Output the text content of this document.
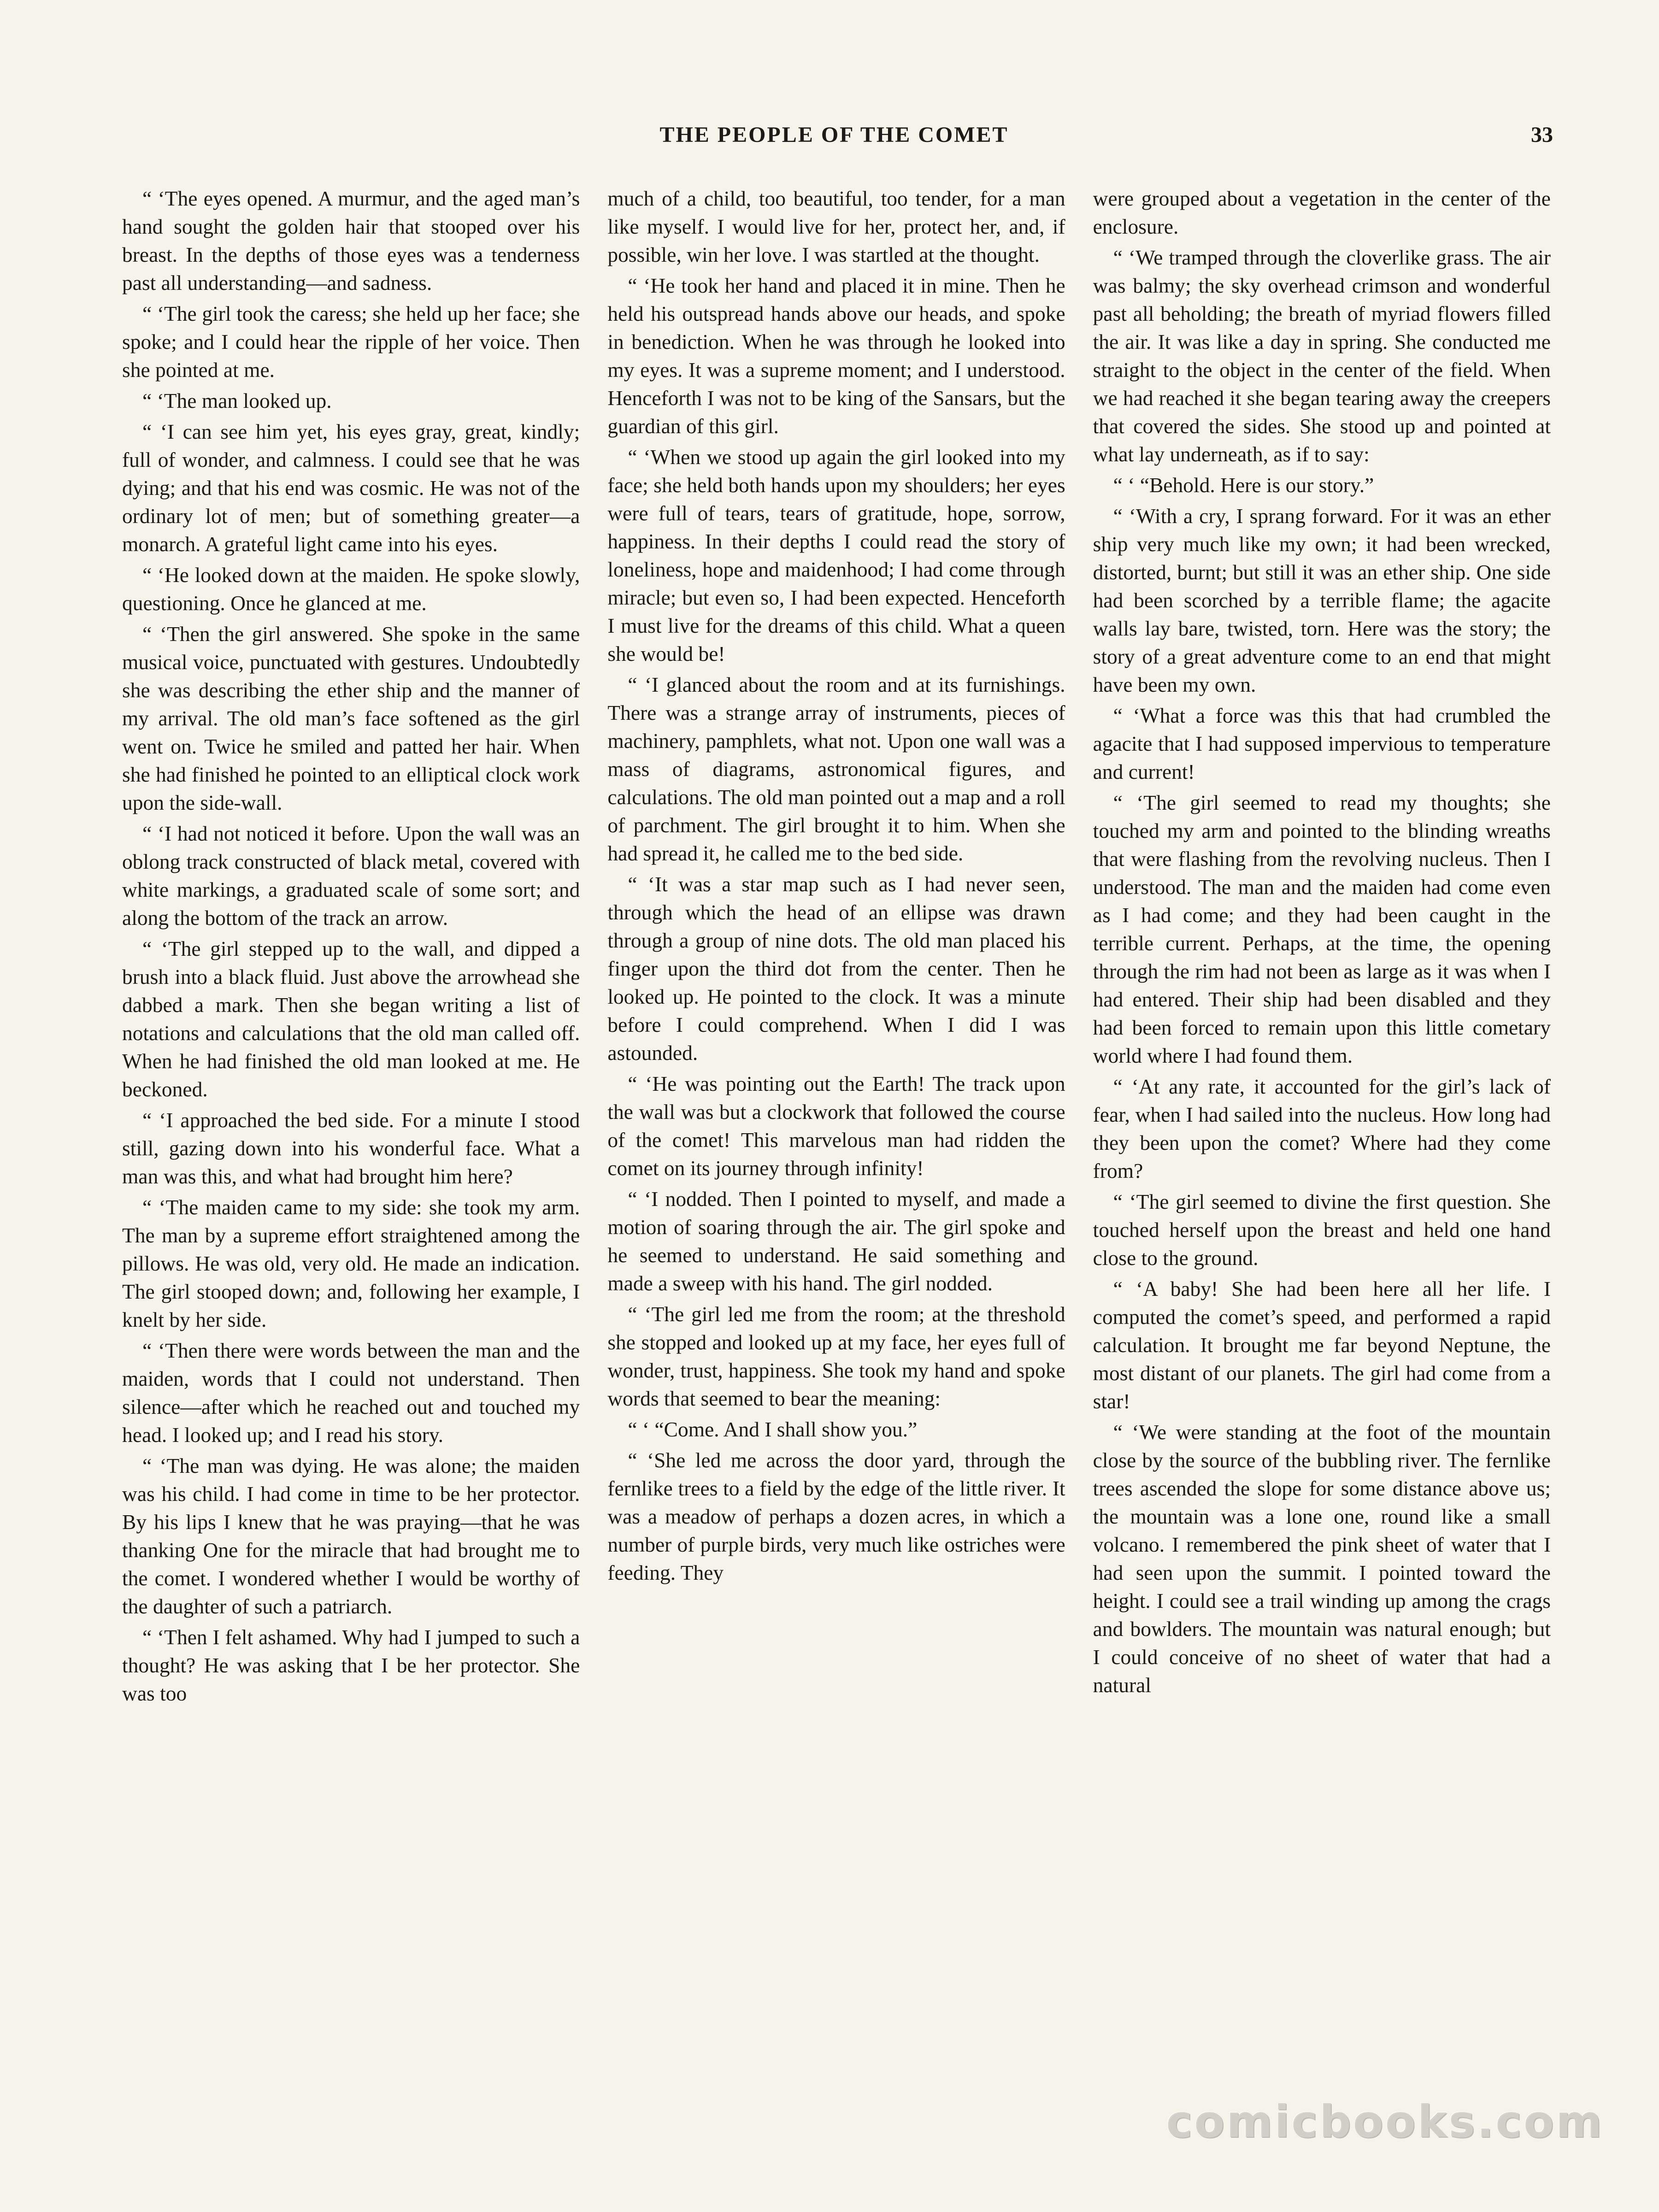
THE PEOPLE OF THE COMET	33

“ ‘The eyes opened. A murmur, and the aged man’s hand sought the golden hair that stooped over his breast. In the depths of those eyes was a tenderness past all understanding—and sadness.

“ ‘The girl took the caress; she held up her face; she spoke; and I could hear the ripple of her voice. Then she pointed at me.

“ ‘The man looked up.

“ ‘I can see him yet, his eyes gray, great, kindly; full of wonder, and calmness. I could see that he was dying; and that his end was cosmic. He was not of the ordinary lot of men; but of something greater—a monarch. A grateful light came into his eyes.

“ ‘He looked down at the maiden. He spoke slowly, questioning. Once he glanced at me.

“ ‘Then the girl answered. She spoke in the same musical voice, punctuated with gestures. Undoubtedly she was describing the ether ship and the manner of my arrival. The old man’s face softened as the girl went on. Twice he smiled and patted her hair. When she had finished he pointed to an elliptical clock work upon the side-wall.

“ ‘I had not noticed it before. Upon the wall was an oblong track constructed of black metal, covered with white markings, a graduated scale of some sort; and along the bottom of the track an arrow.

“ ‘The girl stepped up to the wall, and dipped a brush into a black fluid. Just above the arrowhead she dabbed a mark. Then she began writing a list of notations and calculations that the old man called off. When he had finished the old man looked at me. He beckoned.

“ ‘I approached the bed side. For a minute I stood still, gazing down into his wonderful face. What a man was this, and what had brought him here?

“ ‘The maiden came to my side: she took my arm. The man by a supreme effort straightened among the pillows. He was old, very old. He made an indication. The girl stooped down; and, following her example, I knelt by her side.

“ ‘Then there were words between the man and the maiden, words that I could not understand. Then silence—after which he reached out and touched my head. I looked up; and I read his story.

“ ‘The man was dying. He was alone; the maiden was his child. I had come in time to be her protector. By his lips I knew that he was praying—that he was thanking One for the miracle that had brought me to the comet. I wondered whether I would be worthy of the daughter of such a patriarch.

“ ‘Then I felt ashamed. Why had I jumped to such a thought? He was asking that I be her protector. She was too

much of a child, too beautiful, too tender, for a man like myself. I would live for her, protect her, and, if possible, win her love. I was startled at the thought.

“ ‘He took her hand and placed it in mine. Then he held his outspread hands above our heads, and spoke in benediction. When he was through he looked into my eyes. It was a supreme moment; and I understood. Henceforth I was not to be king of the Sansars, but the guardian of this girl.

“ ‘When we stood up again the girl looked into my face; she held both hands upon my shoulders; her eyes were full of tears, tears of gratitude, hope, sorrow, happiness. In their depths I could read the story of loneliness, hope and maidenhood; I had come through miracle; but even so, I had been expected. Henceforth I must live for the dreams of this child. What a queen she would be!

“ ‘I glanced about the room and at its furnishings. There was a strange array of instruments, pieces of machinery, pamphlets, what not. Upon one wall was a mass of diagrams, astronomical figures, and calculations. The old man pointed out a map and a roll of parchment. The girl brought it to him. When she had spread it, he called me to the bed side.

“ ‘It was a star map such as I had never seen, through which the head of an ellipse was drawn through a group of nine dots. The old man placed his finger upon the third dot from the center. Then he looked up. He pointed to the clock. It was a minute before I could comprehend. When I did I was astounded.

“ ‘He was pointing out the Earth! The track upon the wall was but a clockwork that followed the course of the comet! This marvelous man had ridden the comet on its journey through infinity!

“ ‘I nodded. Then I pointed to myself, and made a motion of soaring through the air. The girl spoke and he seemed to understand. He said something and made a sweep with his hand. The girl nodded.

“ ‘The girl led me from the room; at the threshold she stopped and looked up at my face, her eyes full of wonder, trust, happiness. She took my hand and spoke words that seemed to bear the meaning:

“ ‘ “Come. And I shall show you.”

“ ‘She led me across the door yard, through the fernlike trees to a field by the edge of the little river. It was a meadow of perhaps a dozen acres, in which a number of purple birds, very much like ostriches were feeding. They

were grouped about a vegetation in the center of the enclosure.

“ ‘We tramped through the cloverlike grass. The air was balmy; the sky overhead crimson and wonderful past all beholding; the breath of myriad flowers filled the air. It was like a day in spring. She conducted me straight to the object in the center of the field. When we had reached it she began tearing away the creepers that covered the sides. She stood up and pointed at what lay underneath, as if to say:

“ ‘ “Behold. Here is our story.”

“ ‘With a cry, I sprang forward. For it was an ether ship very much like my own; it had been wrecked, distorted, burnt; but still it was an ether ship. One side had been scorched by a terrible flame; the agacite walls lay bare, twisted, torn. Here was the story; the story of a great adventure come to an end that might have been my own.

“ ‘What a force was this that had crumbled the agacite that I had supposed impervious to temperature and current!

“ ‘The girl seemed to read my thoughts; she touched my arm and pointed to the blinding wreaths that were flashing from the revolving nucleus. Then I understood. The man and the maiden had come even as I had come; and they had been caught in the terrible current. Perhaps, at the time, the opening through the rim had not been as large as it was when I had entered. Their ship had been disabled and they had been forced to remain upon this little cometary world where I had found them.

“ ‘At any rate, it accounted for the girl’s lack of fear, when I had sailed into the nucleus. How long had they been upon the comet? Where had they come from?

“ ‘The girl seemed to divine the first question. She touched herself upon the breast and held one hand close to the ground.

“ ‘A baby! She had been here all her life. I computed the comet’s speed, and performed a rapid calculation. It brought me far beyond Neptune, the most distant of our planets. The girl had come from a star!

“ ‘We were standing at the foot of the mountain close by the source of the bubbling river. The fernlike trees ascended the slope for some distance above us; the mountain was a lone one, round like a small volcano. I remembered the pink sheet of water that I had seen upon the summit. I pointed toward the height. I could see a trail winding up among the crags and bowlders. The mountain was natural enough; but I could conceive of no sheet of water that had a natural

comicbooks.com
